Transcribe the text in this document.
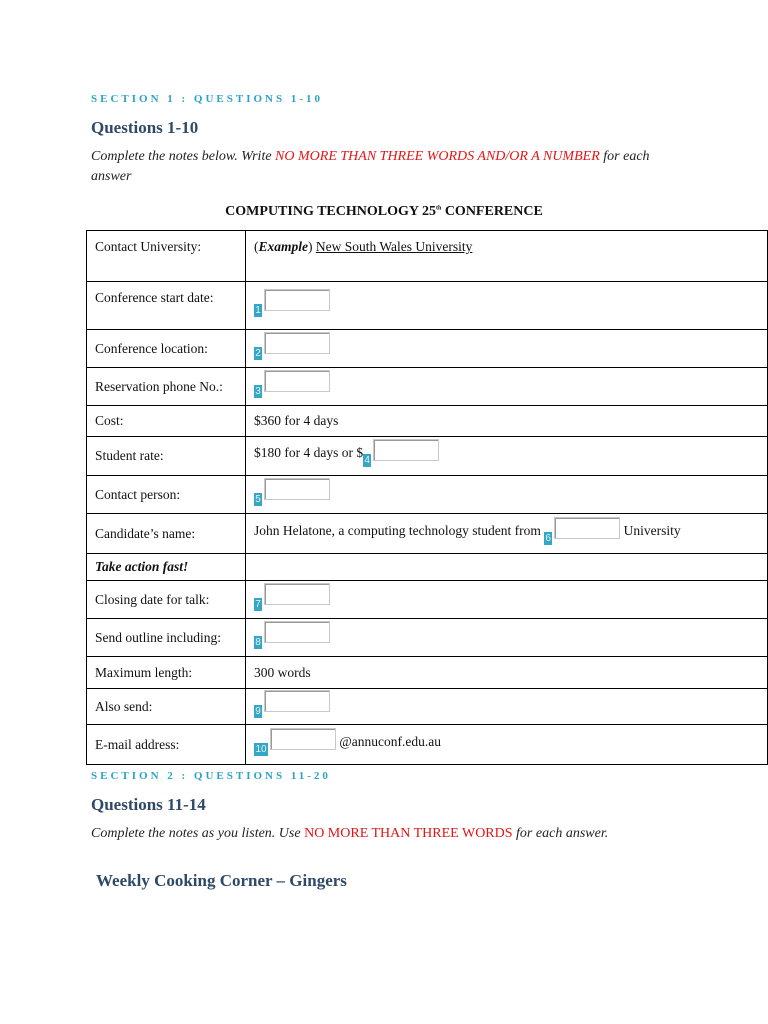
SECTION 1 : QUESTIONS 1-10
Questions 1-10
Complete the notes below. Write NO MORE THAN THREE WORDS AND/OR A NUMBER for each answer
COMPUTING TECHNOLOGY 25th CONFERENCE
Contact University:	(Example) New South Wales University
Conference start date:	1
Conference location:	2
Reservation phone No.:	3
Cost:	$360 for 4 days
Student rate:	$180 for 4 days or $4
Contact person:	5
Candidate’s name:	John Helatone, a computing technology student from 6 University
Take action fast!	
Closing date for talk:	7
Send outline including:	8
Maximum length:	300 words
Also send:	9
E-mail address:	10 @annuconf.edu.au
SECTION 2 : QUESTIONS 11-20
Questions 11-14
Complete the notes as you listen. Use NO MORE THAN THREE WORDS for each answer.
Weekly Cooking Corner – Gingers
